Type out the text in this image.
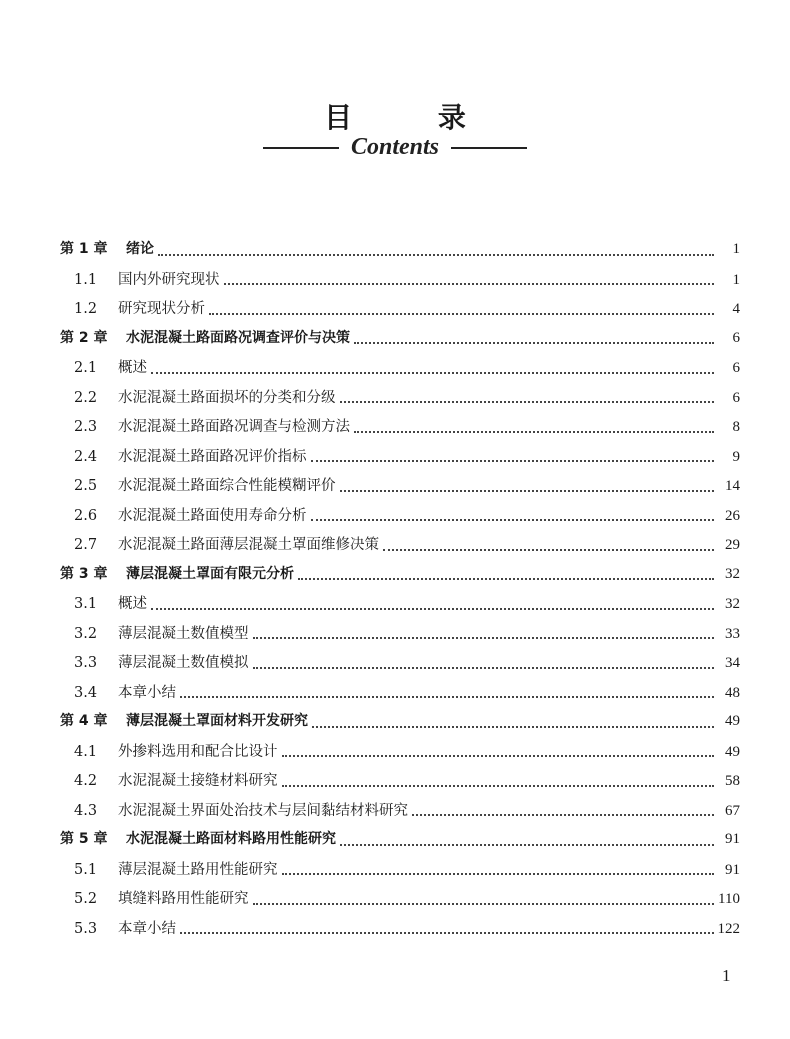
目 录
Contents
第 1 章	绪论	1
1.1	国内外研究现状	1
1.2	研究现状分析	4
第 2 章	水泥混凝土路面路况调查评价与决策	6
2.1	概述	6
2.2	水泥混凝土路面损坏的分类和分级	6
2.3	水泥混凝土路面路况调查与检测方法	8
2.4	水泥混凝土路面路况评价指标	9
2.5	水泥混凝土路面综合性能模糊评价	14
2.6	水泥混凝土路面使用寿命分析	26
2.7	水泥混凝土路面薄层混凝土罩面维修决策	29
第 3 章	薄层混凝土罩面有限元分析	32
3.1	概述	32
3.2	薄层混凝土数值模型	33
3.3	薄层混凝土数值模拟	34
3.4	本章小结	48
第 4 章	薄层混凝土罩面材料开发研究	49
4.1	外掺料选用和配合比设计	49
4.2	水泥混凝土接缝材料研究	58
4.3	水泥混凝土界面处治技术与层间黏结材料研究	67
第 5 章	水泥混凝土路面材料路用性能研究	91
5.1	薄层混凝土路用性能研究	91
5.2	填缝料路用性能研究	110
5.3	本章小结	122
1
